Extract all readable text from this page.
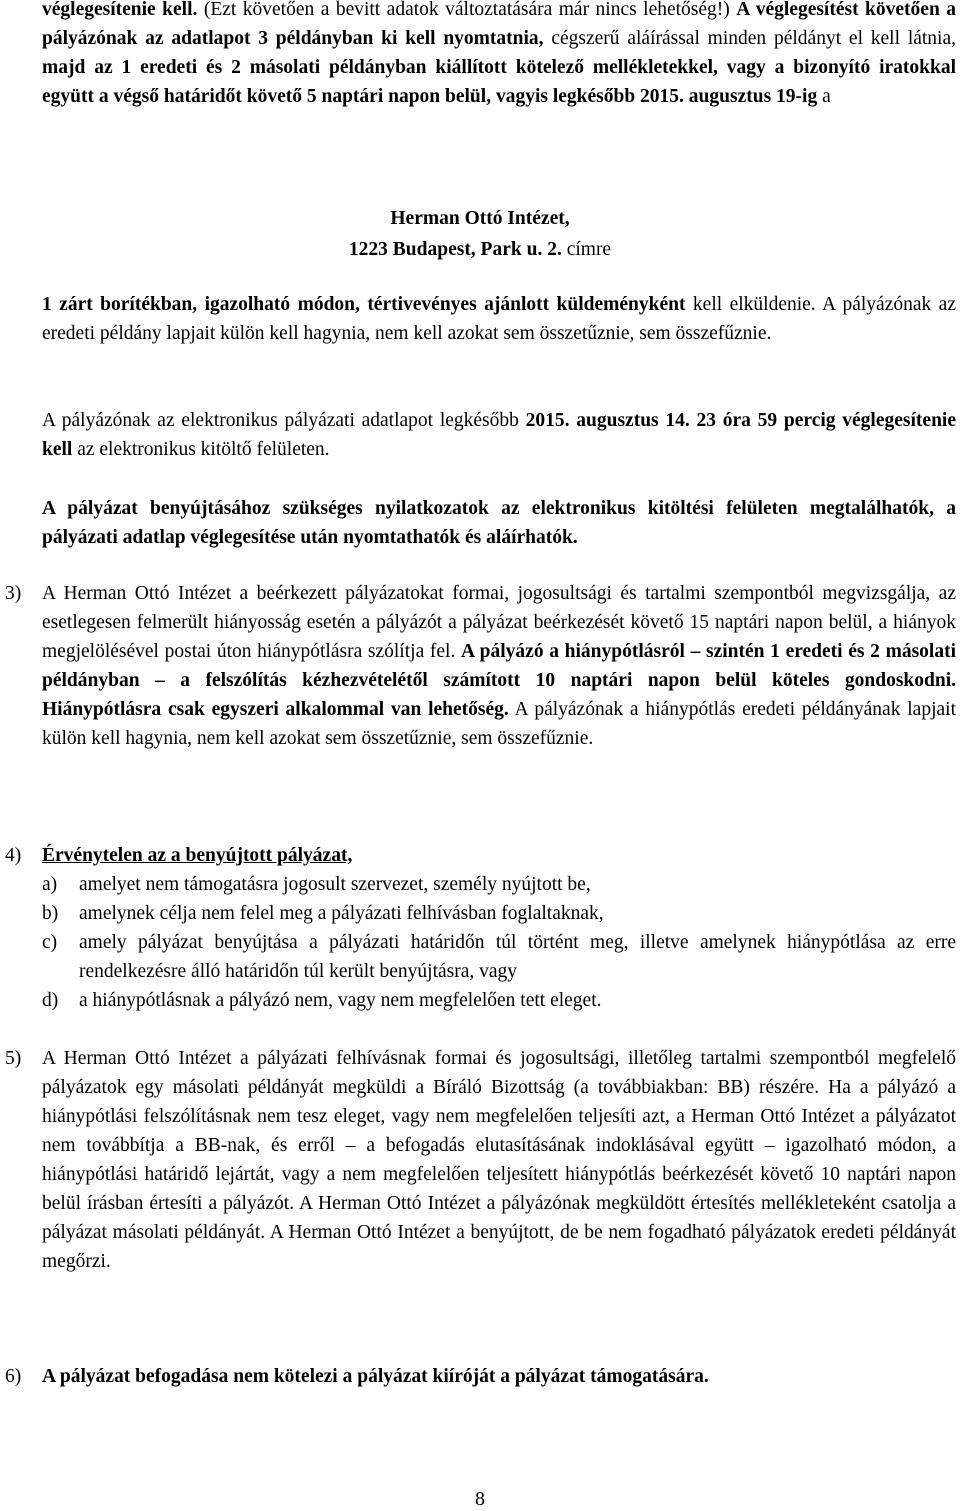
véglegesítenie kell. (Ezt követően a bevitt adatok változtatására már nincs lehetőség!) A véglegesítést követően a pályázónak az adatlapot 3 példányban ki kell nyomtatnia, cégszerű aláírással minden példányt el kell látnia, majd az 1 eredeti és 2 másolati példányban kiállított kötelező mellékletekkel, vagy a bizonyító iratokkal együtt a végső határidőt követő 5 naptári napon belül, vagyis legkésőbb 2015. augusztus 19-ig a

Herman Ottó Intézet,

1223 Budapest, Park u. 2. címre

1 zárt borítékban, igazolható módon, tértivevényes ajánlott küldeményként kell elküldenie. A pályázónak az eredeti példány lapjait külön kell hagynia, nem kell azokat sem összetűznie, sem összefűznie.

A pályázónak az elektronikus pályázati adatlapot legkésőbb 2015. augusztus 14. 23 óra 59 percig véglegesítenie kell az elektronikus kitöltő felületen.

A pályázat benyújtásához szükséges nyilatkozatok az elektronikus kitöltési felületen megtalálhatók, a pályázati adatlap véglegesítése után nyomtathatók és aláírhatók.

3) A Herman Ottó Intézet a beérkezett pályázatokat formai, jogosultsági és tartalmi szempontból megvizsgálja, az esetlegesen felmerült hiányosság esetén a pályázót a pályázat beérkezését követő 15 naptári napon belül, a hiányok megjelölésével postai úton hiánypótlásra szólítja fel. A pályázó a hiánypótlásról – szintén 1 eredeti és 2 másolati példányban – a felszólítás kézhezvételétől számított 10 naptári napon belül köteles gondoskodni. Hiánypótlásra csak egyszeri alkalommal van lehetőség. A pályázónak a hiánypótlás eredeti példányának lapjait külön kell hagynia, nem kell azokat sem összetűznie, sem összefűznie.

4) Érvénytelen az a benyújtott pályázat,

a) amelyet nem támogatásra jogosult szervezet, személy nyújtott be,

b) amelynek célja nem felel meg a pályázati felhívásban foglaltaknak,

c) amely pályázat benyújtása a pályázati határidőn túl történt meg, illetve amelynek hiánypótlása az erre rendelkezésre álló határidőn túl került benyújtásra, vagy

d) a hiánypótlásnak a pályázó nem, vagy nem megfelelően tett eleget.

5) A Herman Ottó Intézet a pályázati felhívásnak formai és jogosultsági, illetőleg tartalmi szempontból megfelelő pályázatok egy másolati példányát megküldi a Bíráló Bizottság (a továbbiakban: BB) részére. Ha a pályázó a hiánypótlási felszólításnak nem tesz eleget, vagy nem megfelelően teljesíti azt, a Herman Ottó Intézet a pályázatot nem továbbítja a BB-nak, és erről – a befogadás elutasításának indoklásával együtt – igazolható módon, a hiánypótlási határidő lejártát, vagy a nem megfelelően teljesített hiánypótlás beérkezését követő 10 naptári napon belül írásban értesíti a pályázót. A Herman Ottó Intézet a pályázónak megküldött értesítés mellékleteként csatolja a pályázat másolati példányát. A Herman Ottó Intézet a benyújtott, de be nem fogadható pályázatok eredeti példányát megőrzi.

6) A pályázat befogadása nem kötelezi a pályázat kiíróját a pályázat támogatására.

8
